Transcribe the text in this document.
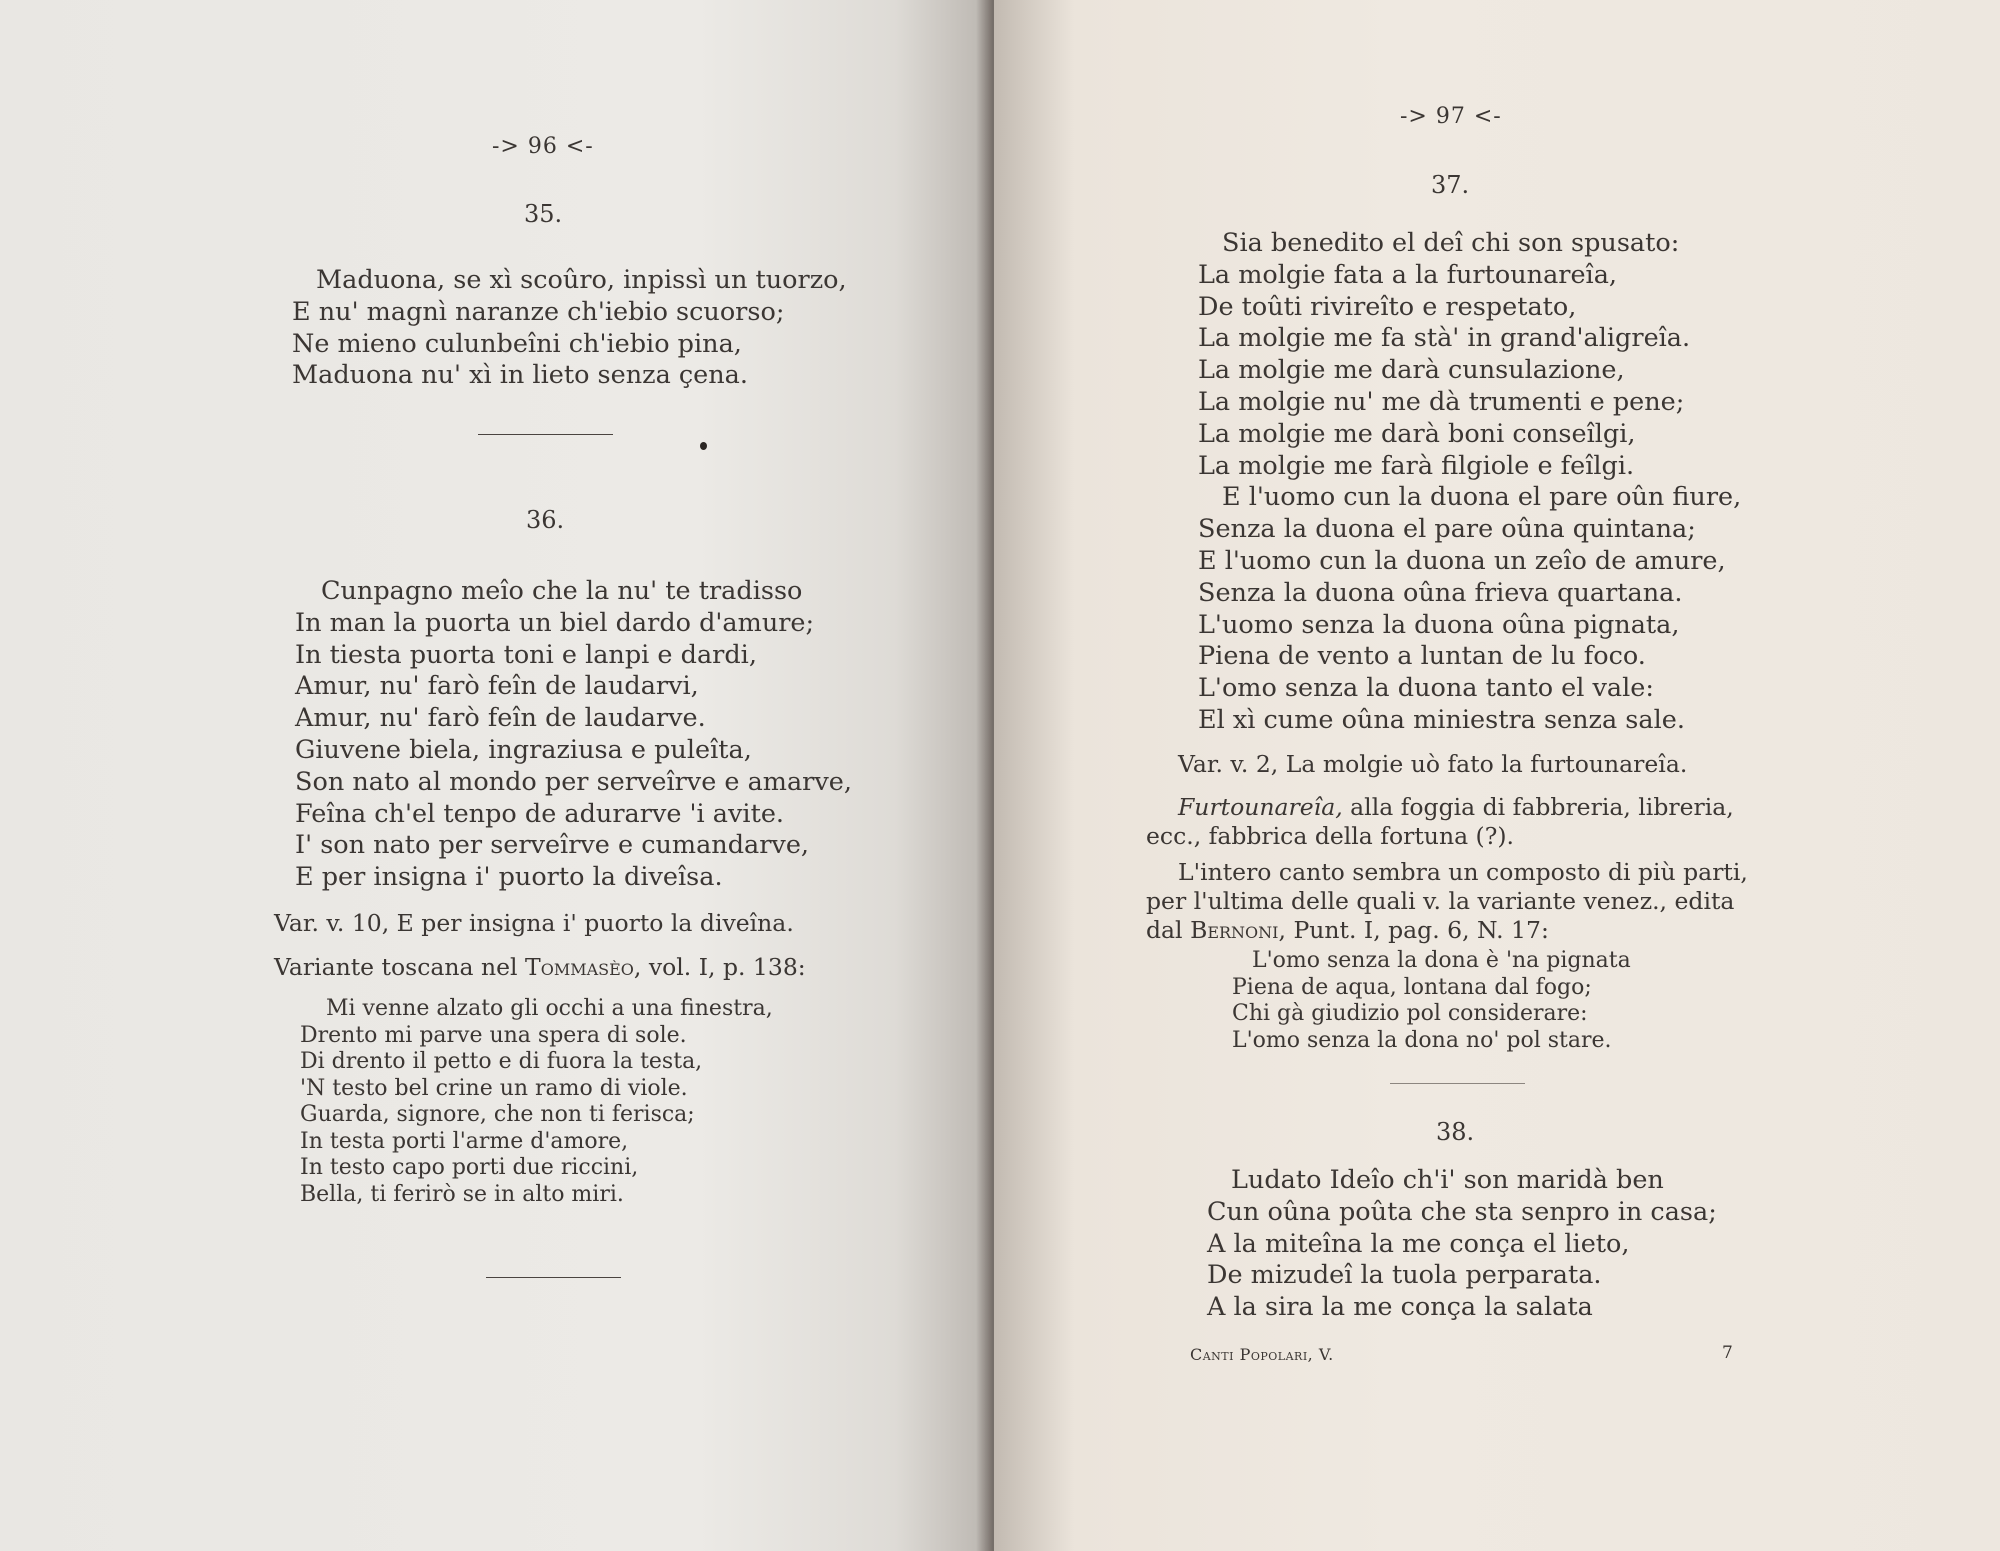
-> 96 <-
35.
Maduona, se xì scoûro, inpissì un tuorzo,
E nu' magnì naranze ch'iebio scuorso;
Ne mieno culunbeîni ch'iebio pina,
Maduona nu' xì in lieto senza çena.
36.
Cunpagno meîo che la nu' te tradisso
In man la puorta un biel dardo d'amure;
In tiesta puorta toni e lanpi e dardi,
Amur, nu' farò feîn de laudarvi,
Amur, nu' farò feîn de laudarve.
Giuvene biela, ingraziusa e puleîta,
Son nato al mondo per serveîrve e amarve,
Feîna ch'el tenpo de adurarve 'i avite.
I' son nato per serveîrve e cumandarve,
E per insigna i' puorto la diveîsa.
Var. v. 10, E per insigna i' puorto la diveîna.
Variante toscana nel Tommasèo, vol. I, p. 138:
Mi venne alzato gli occhi a una finestra,
Drento mi parve una spera di sole.
Di drento il petto e di fuora la testa,
'N testo bel crine un ramo di viole.
Guarda, signore, che non ti ferisca;
In testa porti l'arme d'amore,
In testo capo porti due riccini,
Bella, ti ferirò se in alto miri.
-> 97 <-
37.
Sia benedito el deî chi son spusato:
La molgie fata a la furtounareîa,
De toûti rivireîto e respetato,
La molgie me fa stà' in grand'aligreîa.
La molgie me darà cunsulazione,
La molgie nu' me dà trumenti e pene;
La molgie me darà boni conseîlgi,
La molgie me farà filgiole e feîlgi.
E l'uomo cun la duona el pare oûn fiure,
Senza la duona el pare oûna quintana;
E l'uomo cun la duona un zeîo de amure,
Senza la duona oûna frieva quartana.
L'uomo senza la duona oûna pignata,
Piena de vento a luntan de lu foco.
L'omo senza la duona tanto el vale:
El xì cume oûna miniestra senza sale.
Var. v. 2, La molgie uò fato la furtounareîa.
Furtounareîa, alla foggia di fabbreria, libreria,
ecc., fabbrica della fortuna (?).
L'intero canto sembra un composto di più parti,
per l'ultima delle quali v. la variante venez., edita
dal Bernoni, Punt. I, pag. 6, N. 17:
L'omo senza la dona è 'na pignata
Piena de aqua, lontana dal fogo;
Chi gà giudizio pol considerare:
L'omo senza la dona no' pol stare.
38.
Ludato Ideîo ch'i' son maridà ben
Cun oûna poûta che sta senpro in casa;
A la miteîna la me conça el lieto,
De mizudeî la tuola perparata.
A la sira la me conça la salata
Canti Popolari, V.	7
